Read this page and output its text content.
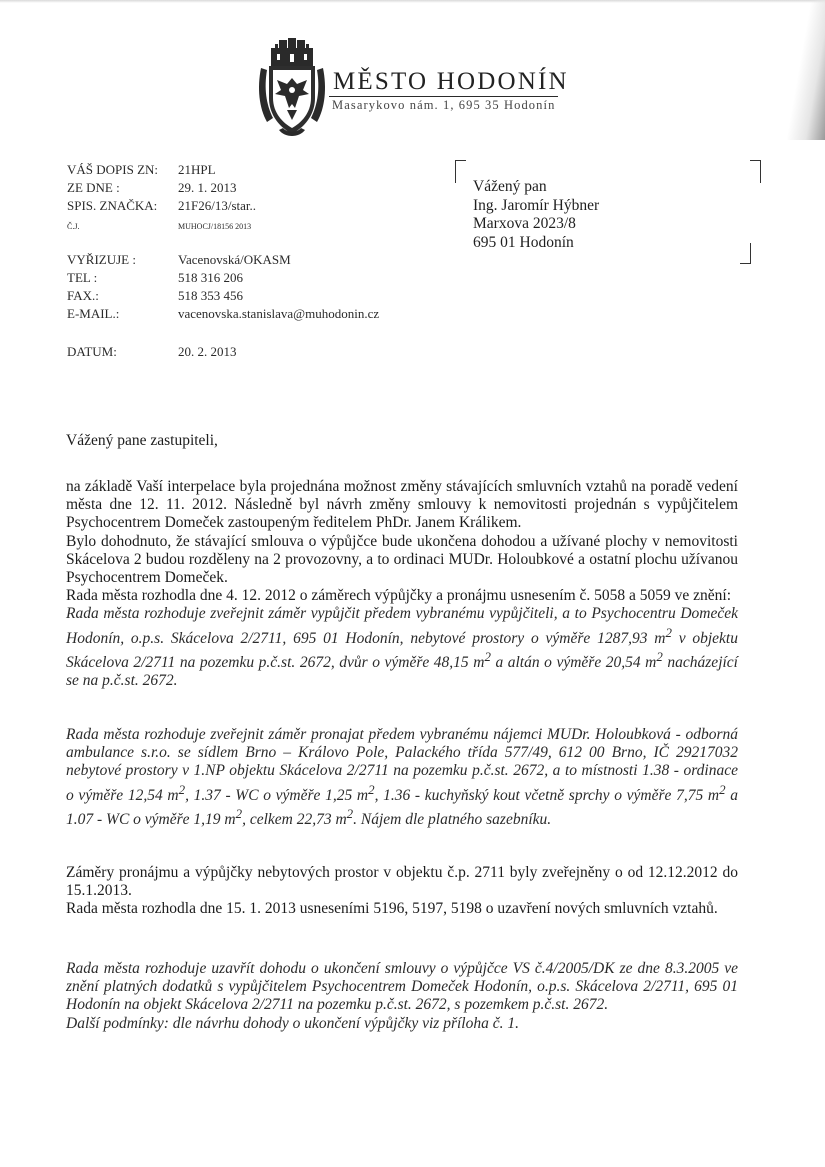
MĚSTO HODONÍN
Masarykovo nám. 1, 695 35 Hodonín
VÁŠ DOPIS ZN: 21HPL
ZE DNE :	29. 1. 2013
SPIS. ZNAČKA: 21F26/13/star..
Č.J.	MUHOCJ/18156 2013
VYŘIZUJE :	Vacenovská/OKASM
TEL :	518 316 206
FAX.:	518 353 456
E-MAIL.:	vacenovska.stanislava@muhodonin.cz
DATUM:	20. 2. 2013
Vážený pan
Ing. Jaromír Hýbner
Marxova 2023/8
695 01 Hodonín
Vážený pane zastupiteli,

na základě Vaší interpelace byla projednána možnost změny stávajících smluvních vztahů na poradě vedení města dne 12. 11. 2012. Následně byl návrh změny smlouvy k nemovitosti projednán s vypůjčitelem Psychocentrem Domeček zastoupeným ředitelem PhDr. Janem Králikem.

Bylo dohodnuto, že stávající smlouva o výpůjčce bude ukončena dohodou a užívané plochy v nemovitosti Skácelova 2 budou rozděleny na 2 provozovny, a to ordinaci MUDr. Holoubkové a ostatní plochu užívanou Psychocentrem Domeček.

Rada města rozhodla dne 4. 12. 2012 o záměrech výpůjčky a pronájmu usnesením č. 5058 a 5059 ve znění:

Rada města rozhoduje zveřejnit záměr vypůjčit předem vybranému vypůjčiteli, a to Psychocentru Domeček Hodonín, o.p.s. Skácelova 2/2711, 695 01 Hodonín, nebytové prostory o výměře 1287,93 $m^2$ v objektu Skácelova 2/2711 na pozemku p.č.st. 2672, dvůr o výměře 48,15 $m^2$ a altán o výměře 20,54 $m^2$ nacházející se na p.č.st. 2672.

Rada města rozhoduje zveřejnit záměr pronajat předem vybranému nájemci MUDr. Holoubková - odborná ambulance s.r.o. se sídlem Brno – Královo Pole, Palackého třída 577/49, 612 00 Brno, IČ 29217032 nebytové prostory v 1.NP objektu Skácelova 2/2711 na pozemku p.č.st. 2672, a to místnosti 1.38 - ordinace o výměře 12,54 $m^2$, 1.37 - WC o výměře 1,25 $m^2$, 1.36 - kuchyňský kout včetně sprchy o výměře 7,75 $m^2$ a 1.07 - WC o výměře 1,19 $m^2$, celkem 22,73 $m^2$. Nájem dle platného sazebníku.

Záměry pronájmu a výpůjčky nebytových prostor v objektu č.p. 2711 byly zveřejněny o od 12.12.2012 do 15.1.2013.

Rada města rozhodla dne 15. 1. 2013 usneseními 5196, 5197, 5198 o uzavření nových smluvních vztahů.

Rada města rozhoduje uzavřít dohodu o ukončení smlouvy o výpůjčce VS č.4/2005/DK ze dne 8.3.2005 ve znění platných dodatků s vypůjčitelem Psychocentrem Domeček Hodonín, o.p.s. Skácelova 2/2711, 695 01 Hodonín na objekt Skácelova 2/2711 na pozemku p.č.st. 2672, s pozemkem p.č.st. 2672.

Další podmínky: dle návrhu dohody o ukončení výpůjčky viz příloha č. 1.
